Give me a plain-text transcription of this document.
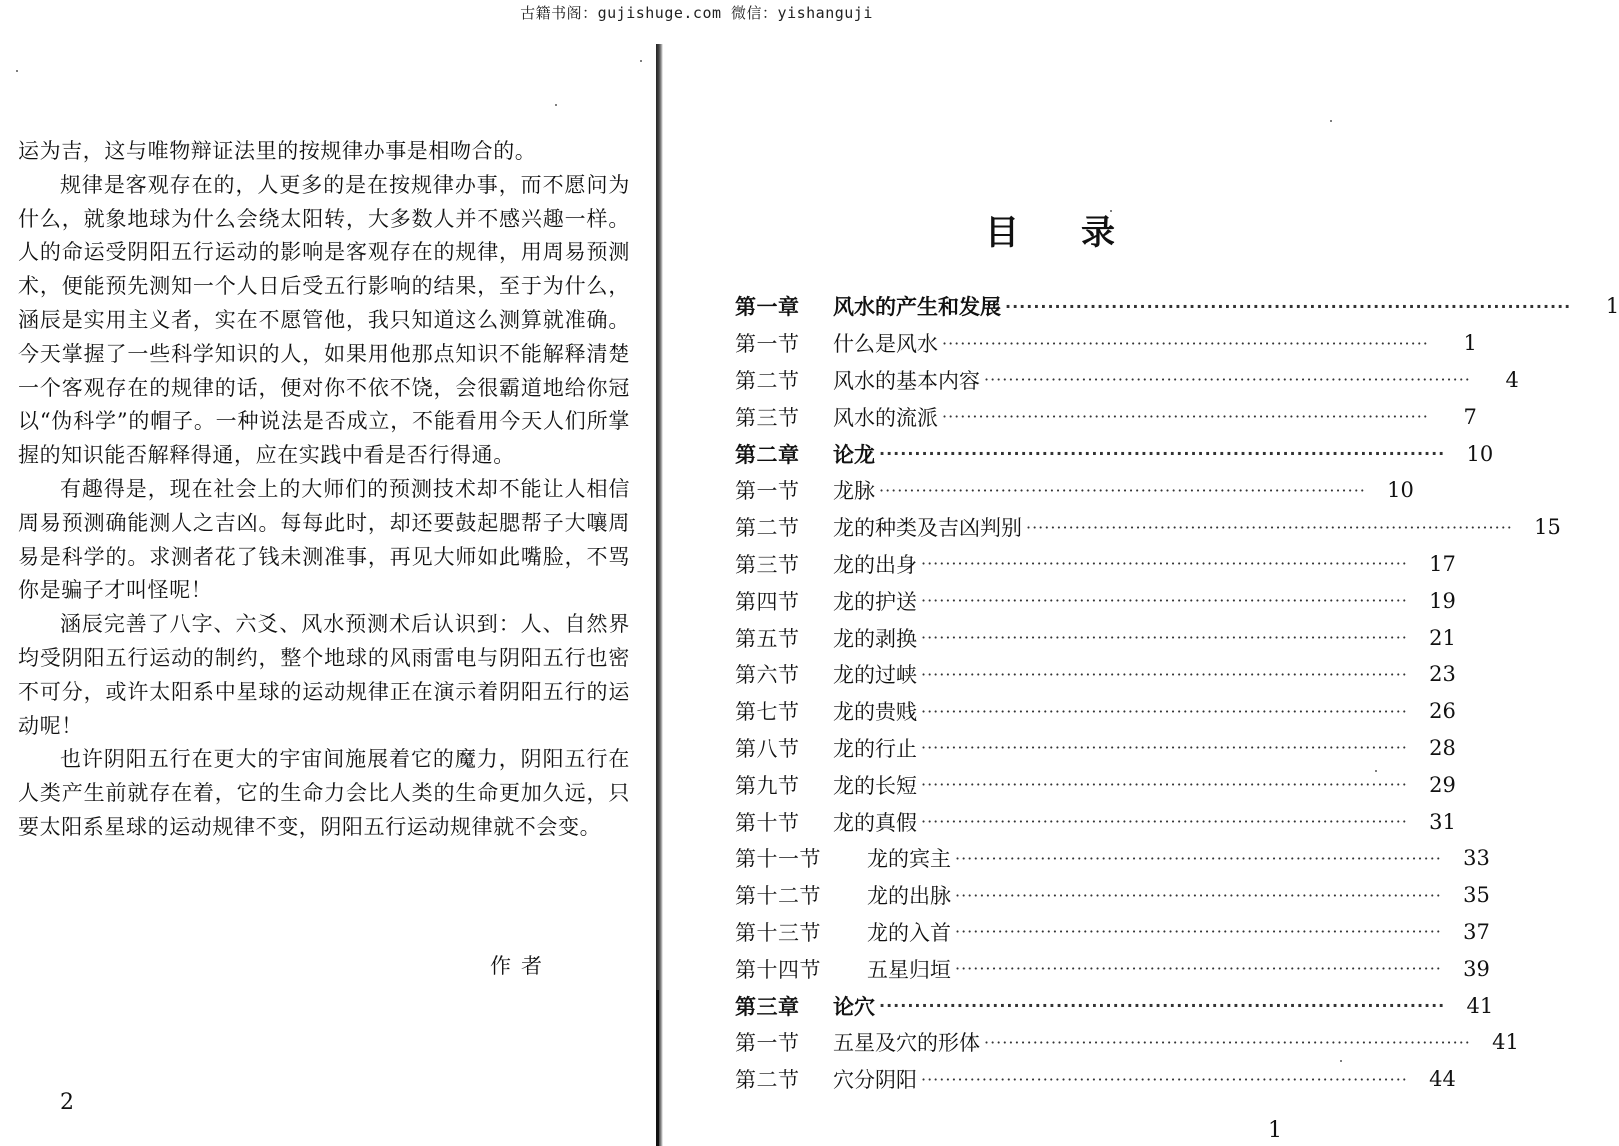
古籍书阁：gujishuge.com 微信：yishanguji

运为吉，这与唯物辩证法里的按规律办事是相吻合的。

规律是客观存在的，人更多的是在按规律办事，而不愿问为什么，就象地球为什么会绕太阳转，大多数人并不感兴趣一样。人的命运受阴阳五行运动的影响是客观存在的规律，用周易预测术，便能预先测知一个人日后受五行影响的结果，至于为什么，涵辰是实用主义者，实在不愿管他，我只知道这么测算就准确。今天掌握了一些科学知识的人，如果用他那点知识不能解释清楚一个客观存在的规律的话，便对你不依不饶，会很霸道地给你冠以“伪科学”的帽子。一种说法是否成立，不能看用今天人们所掌握的知识能否解释得通，应在实践中看是否行得通。

有趣得是，现在社会上的大师们的预测技术却不能让人相信周易预测确能测人之吉凶。每每此时，却还要鼓起腮帮子大嚷周易是科学的。求测者花了钱未测准事，再见大师如此嘴脸，不骂你是骗子才叫怪呢！

涵辰完善了八字、六爻、风水预测术后认识到：人、自然界均受阴阳五行运动的制约，整个地球的风雨雷电与阴阳五行也密不可分，或许太阳系中星球的运动规律正在演示着阴阳五行的运动呢！

也许阴阳五行在更大的宇宙间施展着它的魔力，阴阳五行在人类产生前就存在着，它的生命力会比人类的生命更加久远，只要太阳系星球的运动规律不变，阴阳五行运动规律就不会变。

作者
2
目录
第一章	风水的产生和发展 ················································································	1
第一节	什么是风水 ················································································	1
第二节	风水的基本内容 ················································································	4
第三节	风水的流派 ················································································	7
第二章	论龙 ················································································	10
第一节	龙脉 ················································································	10
第二节	龙的种类及吉凶判别 ················································································	15
第三节	龙的出身 ················································································	17
第四节	龙的护送 ················································································	19
第五节	龙的剥换 ················································································	21
第六节	龙的过峡 ················································································	23
第七节	龙的贵贱 ················································································	26
第八节	龙的行止 ················································································	28
第九节	龙的长短 ················································································	29
第十节	龙的真假 ················································································	31
第十一节	龙的宾主 ················································································	33
第十二节	龙的出脉 ················································································	35
第十三节	龙的入首 ················································································	37
第十四节	五星归垣 ················································································	39
第三章	论穴 ················································································	41
第一节	五星及穴的形体 ················································································	41
第二节	穴分阴阳 ················································································	44
1
